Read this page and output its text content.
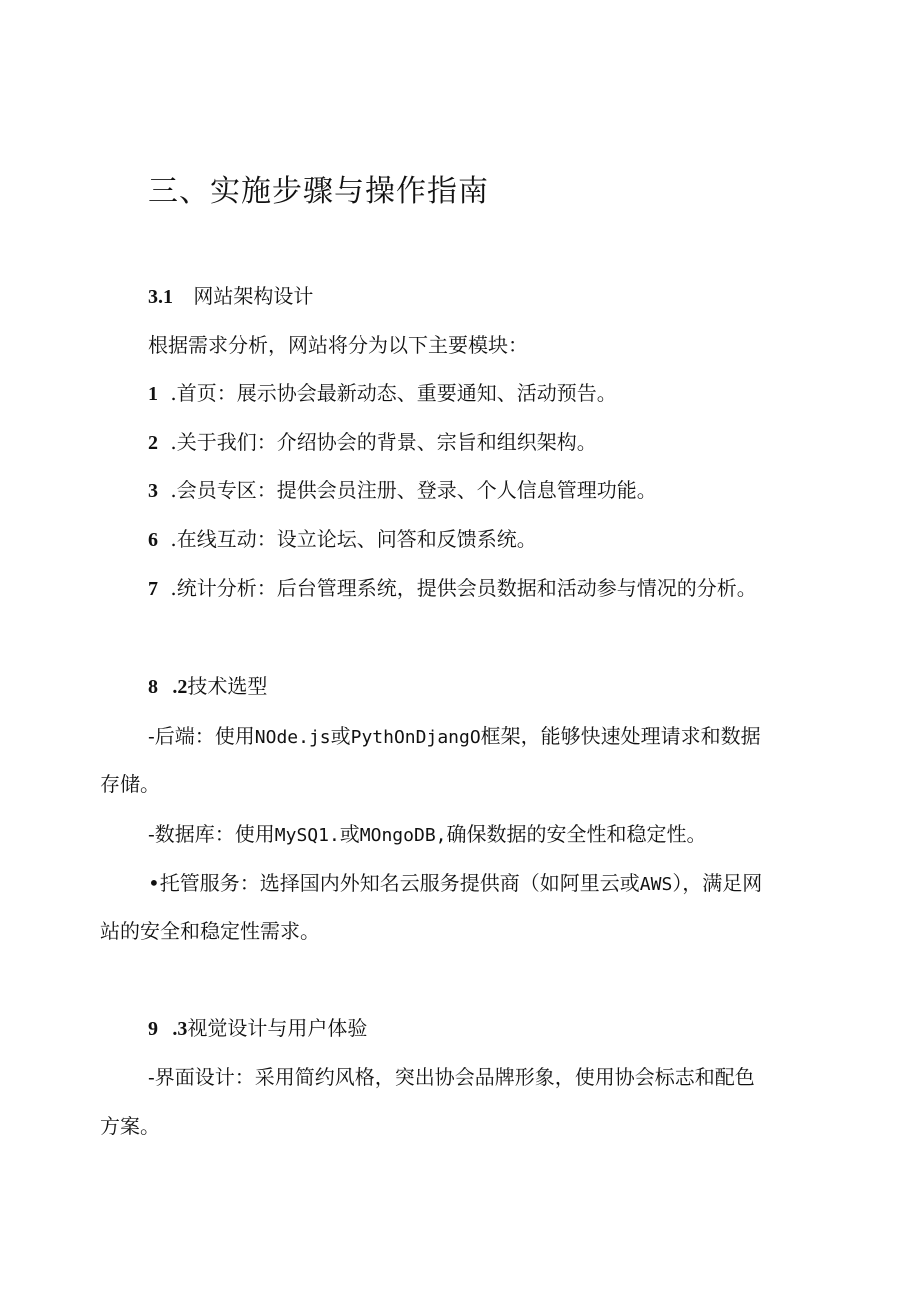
三、实施步骤与操作指南
3.1 网站架构设计
根据需求分析，网站将分为以下主要模块：
1 .首页：展示协会最新动态、重要通知、活动预告。
2 .关于我们：介绍协会的背景、宗旨和组织架构。
3 .会员专区：提供会员注册、登录、个人信息管理功能。
6 .在线互动：设立论坛、问答和反馈系统。
7 .统计分析：后台管理系统，提供会员数据和活动参与情况的分析。
8 .2技术选型
-后端：使用NOde.js或PythOnDjangO框架，能够快速处理请求和数据
存储。
-数据库：使用MySQ1.或MOngoDB,确保数据的安全性和稳定性。
•托管服务：选择国内外知名云服务提供商（如阿里云或AWS），满足网
站的安全和稳定性需求。
9 .3视觉设计与用户体验
-界面设计：采用简约风格，突出协会品牌形象，使用协会标志和配色
方案。
